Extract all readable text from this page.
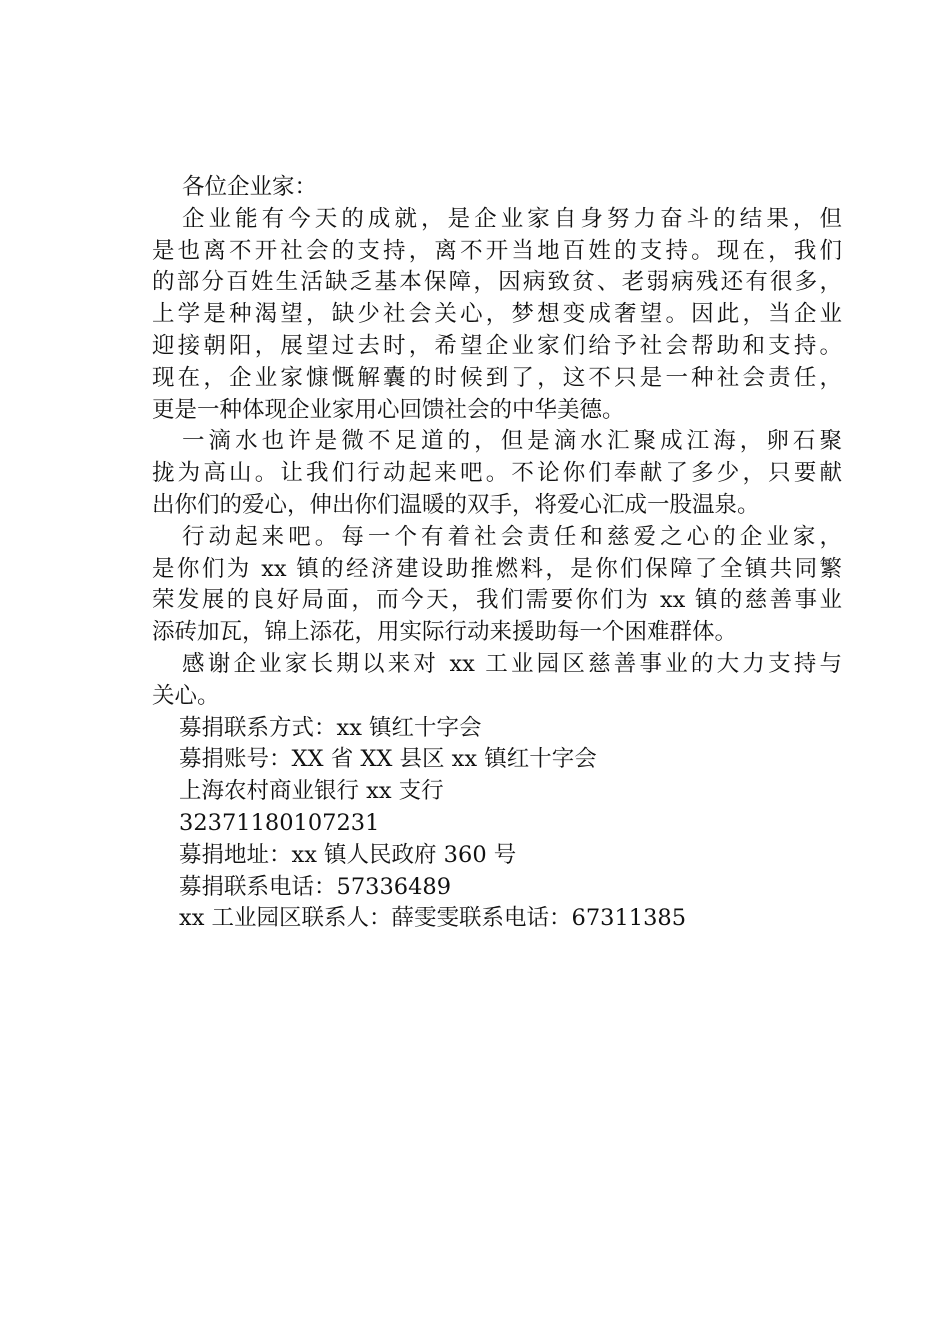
各位企业家：
企业能有今天的成就，是企业家自身努力奋斗的结果，但
是也离不开社会的支持，离不开当地百姓的支持。现在，我们
的部分百姓生活缺乏基本保障，因病致贫、老弱病残还有很多，
上学是种渴望，缺少社会关心，梦想变成奢望。因此，当企业
迎接朝阳，展望过去时，希望企业家们给予社会帮助和支持。
现在，企业家慷慨解囊的时候到了，这不只是一种社会责任，
更是一种体现企业家用心回馈社会的中华美德。
一滴水也许是微不足道的，但是滴水汇聚成江海，卵石聚
拢为高山。让我们行动起来吧。不论你们奉献了多少，只要献
出你们的爱心，伸出你们温暖的双手，将爱心汇成一股温泉。
行动起来吧。每一个有着社会责任和慈爱之心的企业家，
是你们为 xx 镇的经济建设助推燃料，是你们保障了全镇共同繁
荣发展的良好局面，而今天，我们需要你们为 xx 镇的慈善事业
添砖加瓦，锦上添花，用实际行动来援助每一个困难群体。
感谢企业家长期以来对 xx 工业园区慈善事业的大力支持与
关心。
募捐联系方式：xx 镇红十字会
募捐账号：XX 省 XX 县区 xx 镇红十字会
上海农村商业银行 xx 支行
32371180107231
募捐地址：xx 镇人民政府 360 号
募捐联系电话：57336489
xx 工业园区联系人：薛雯雯联系电话：67311385
